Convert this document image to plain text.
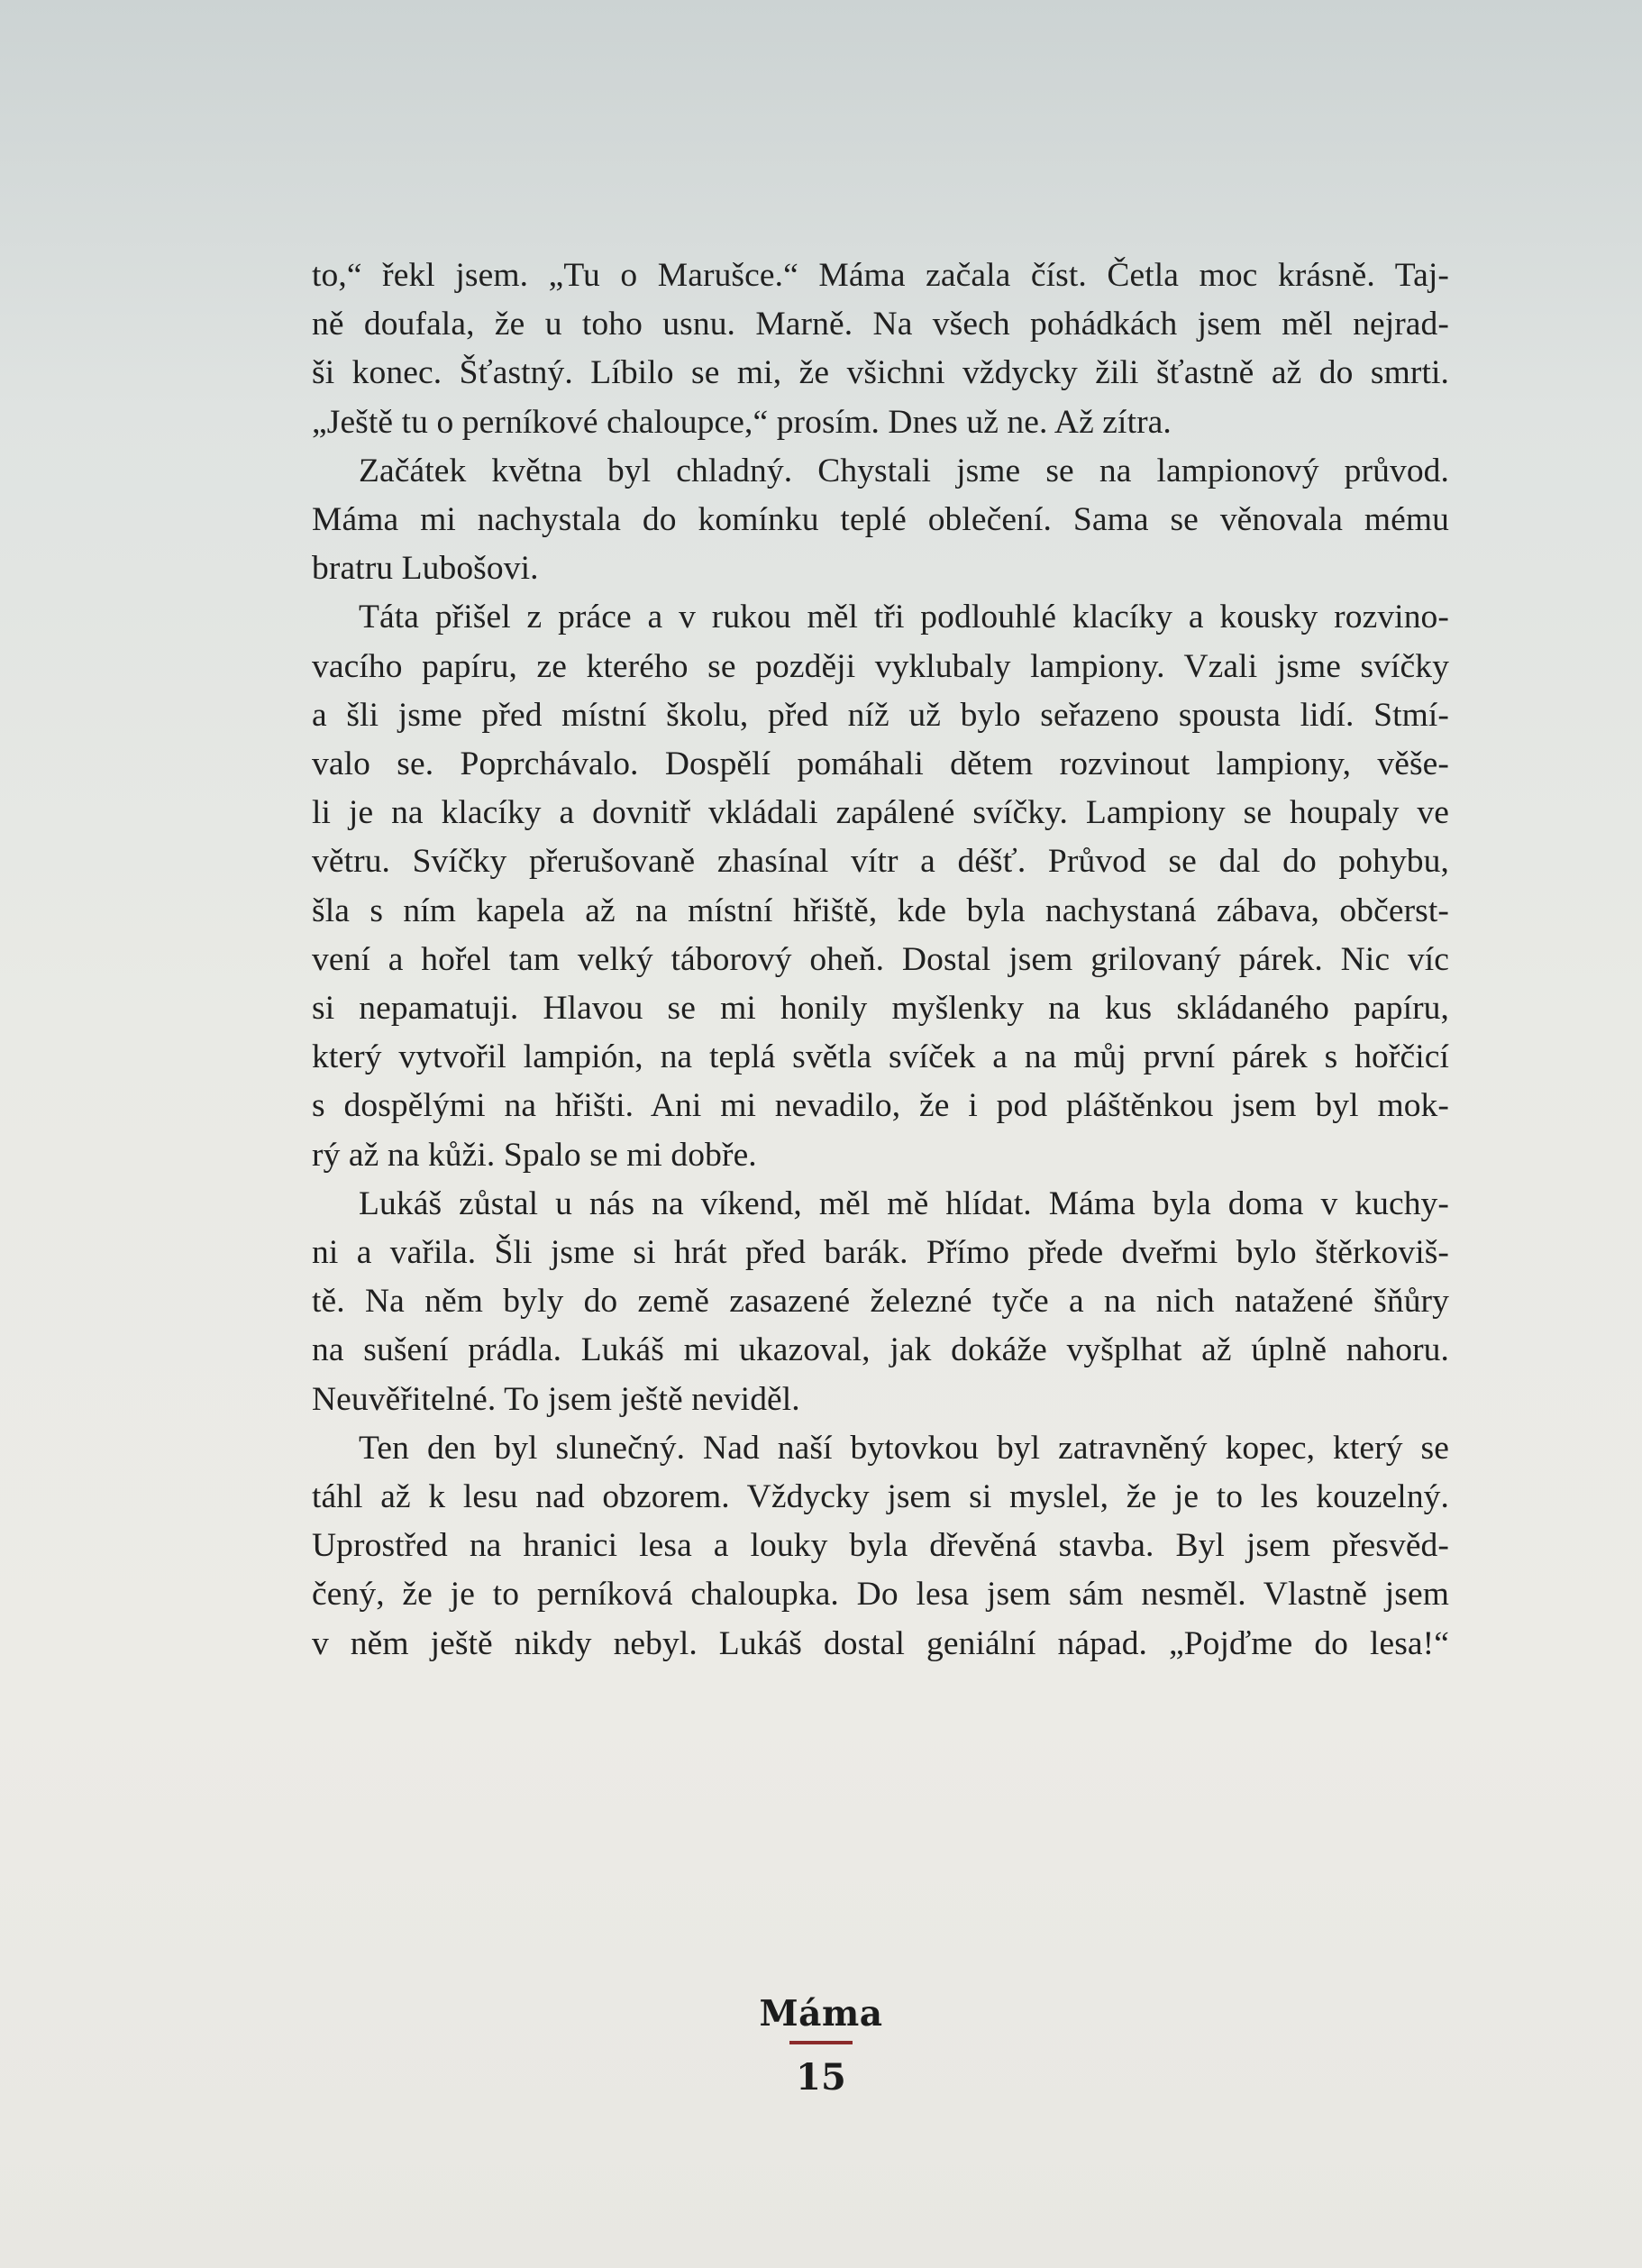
to,“ řekl jsem. „Tu o Marušce.“ Máma začala číst. Četla moc krásně. Taj-
ně doufala, že u toho usnu. Marně. Na všech pohádkách jsem měl nejrad-
ši konec. Šťastný. Líbilo se mi, že všichni vždycky žili šťastně až do smrti.
„Ještě tu o perníkové chaloupce,“ prosím. Dnes už ne. Až zítra.

Začátek května byl chladný. Chystali jsme se na lampionový průvod.
Máma mi nachystala do komínku teplé oblečení. Sama se věnovala mému
bratru Lubošovi.

Táta přišel z práce a v rukou měl tři podlouhlé klacíky a kousky rozvino-
vacího papíru, ze kterého se později vyklubaly lampiony. Vzali jsme svíčky
a šli jsme před místní školu, před níž už bylo seřazeno spousta lidí. Stmí-
valo se. Poprchávalo. Dospělí pomáhali dětem rozvinout lampiony, věše-
li je na klacíky a dovnitř vkládali zapálené svíčky. Lampiony se houpaly ve
větru. Svíčky přerušovaně zhasínal vítr a déšť. Průvod se dal do pohybu,
šla s ním kapela až na místní hřiště, kde byla nachystaná zábava, občerst-
vení a hořel tam velký táborový oheň. Dostal jsem grilovaný párek. Nic víc
si nepamatuji. Hlavou se mi honily myšlenky na kus skládaného papíru,
který vytvořil lampión, na teplá světla svíček a na můj první párek s hořčicí
s dospělými na hřišti. Ani mi nevadilo, že i pod pláštěnkou jsem byl mok-
rý až na kůži. Spalo se mi dobře.

Lukáš zůstal u nás na víkend, měl mě hlídat. Máma byla doma v kuchy-
ni a vařila. Šli jsme si hrát před barák. Přímo přede dveřmi bylo štěrkoviš-
tě. Na něm byly do země zasazené železné tyče a na nich natažené šňůry
na sušení prádla. Lukáš mi ukazoval, jak dokáže vyšplhat až úplně nahoru.
Neuvěřitelné. To jsem ještě neviděl.

Ten den byl slunečný. Nad naší bytovkou byl zatravněný kopec, který se
táhl až k lesu nad obzorem. Vždycky jsem si myslel, že je to les kouzelný.
Uprostřed na hranici lesa a louky byla dřevěná stavba. Byl jsem přesvěd-
čený, že je to perníková chaloupka. Do lesa jsem sám nesměl. Vlastně jsem
v něm ještě nikdy nebyl. Lukáš dostal geniální nápad. „Pojďme do lesa!“

Máma
15
